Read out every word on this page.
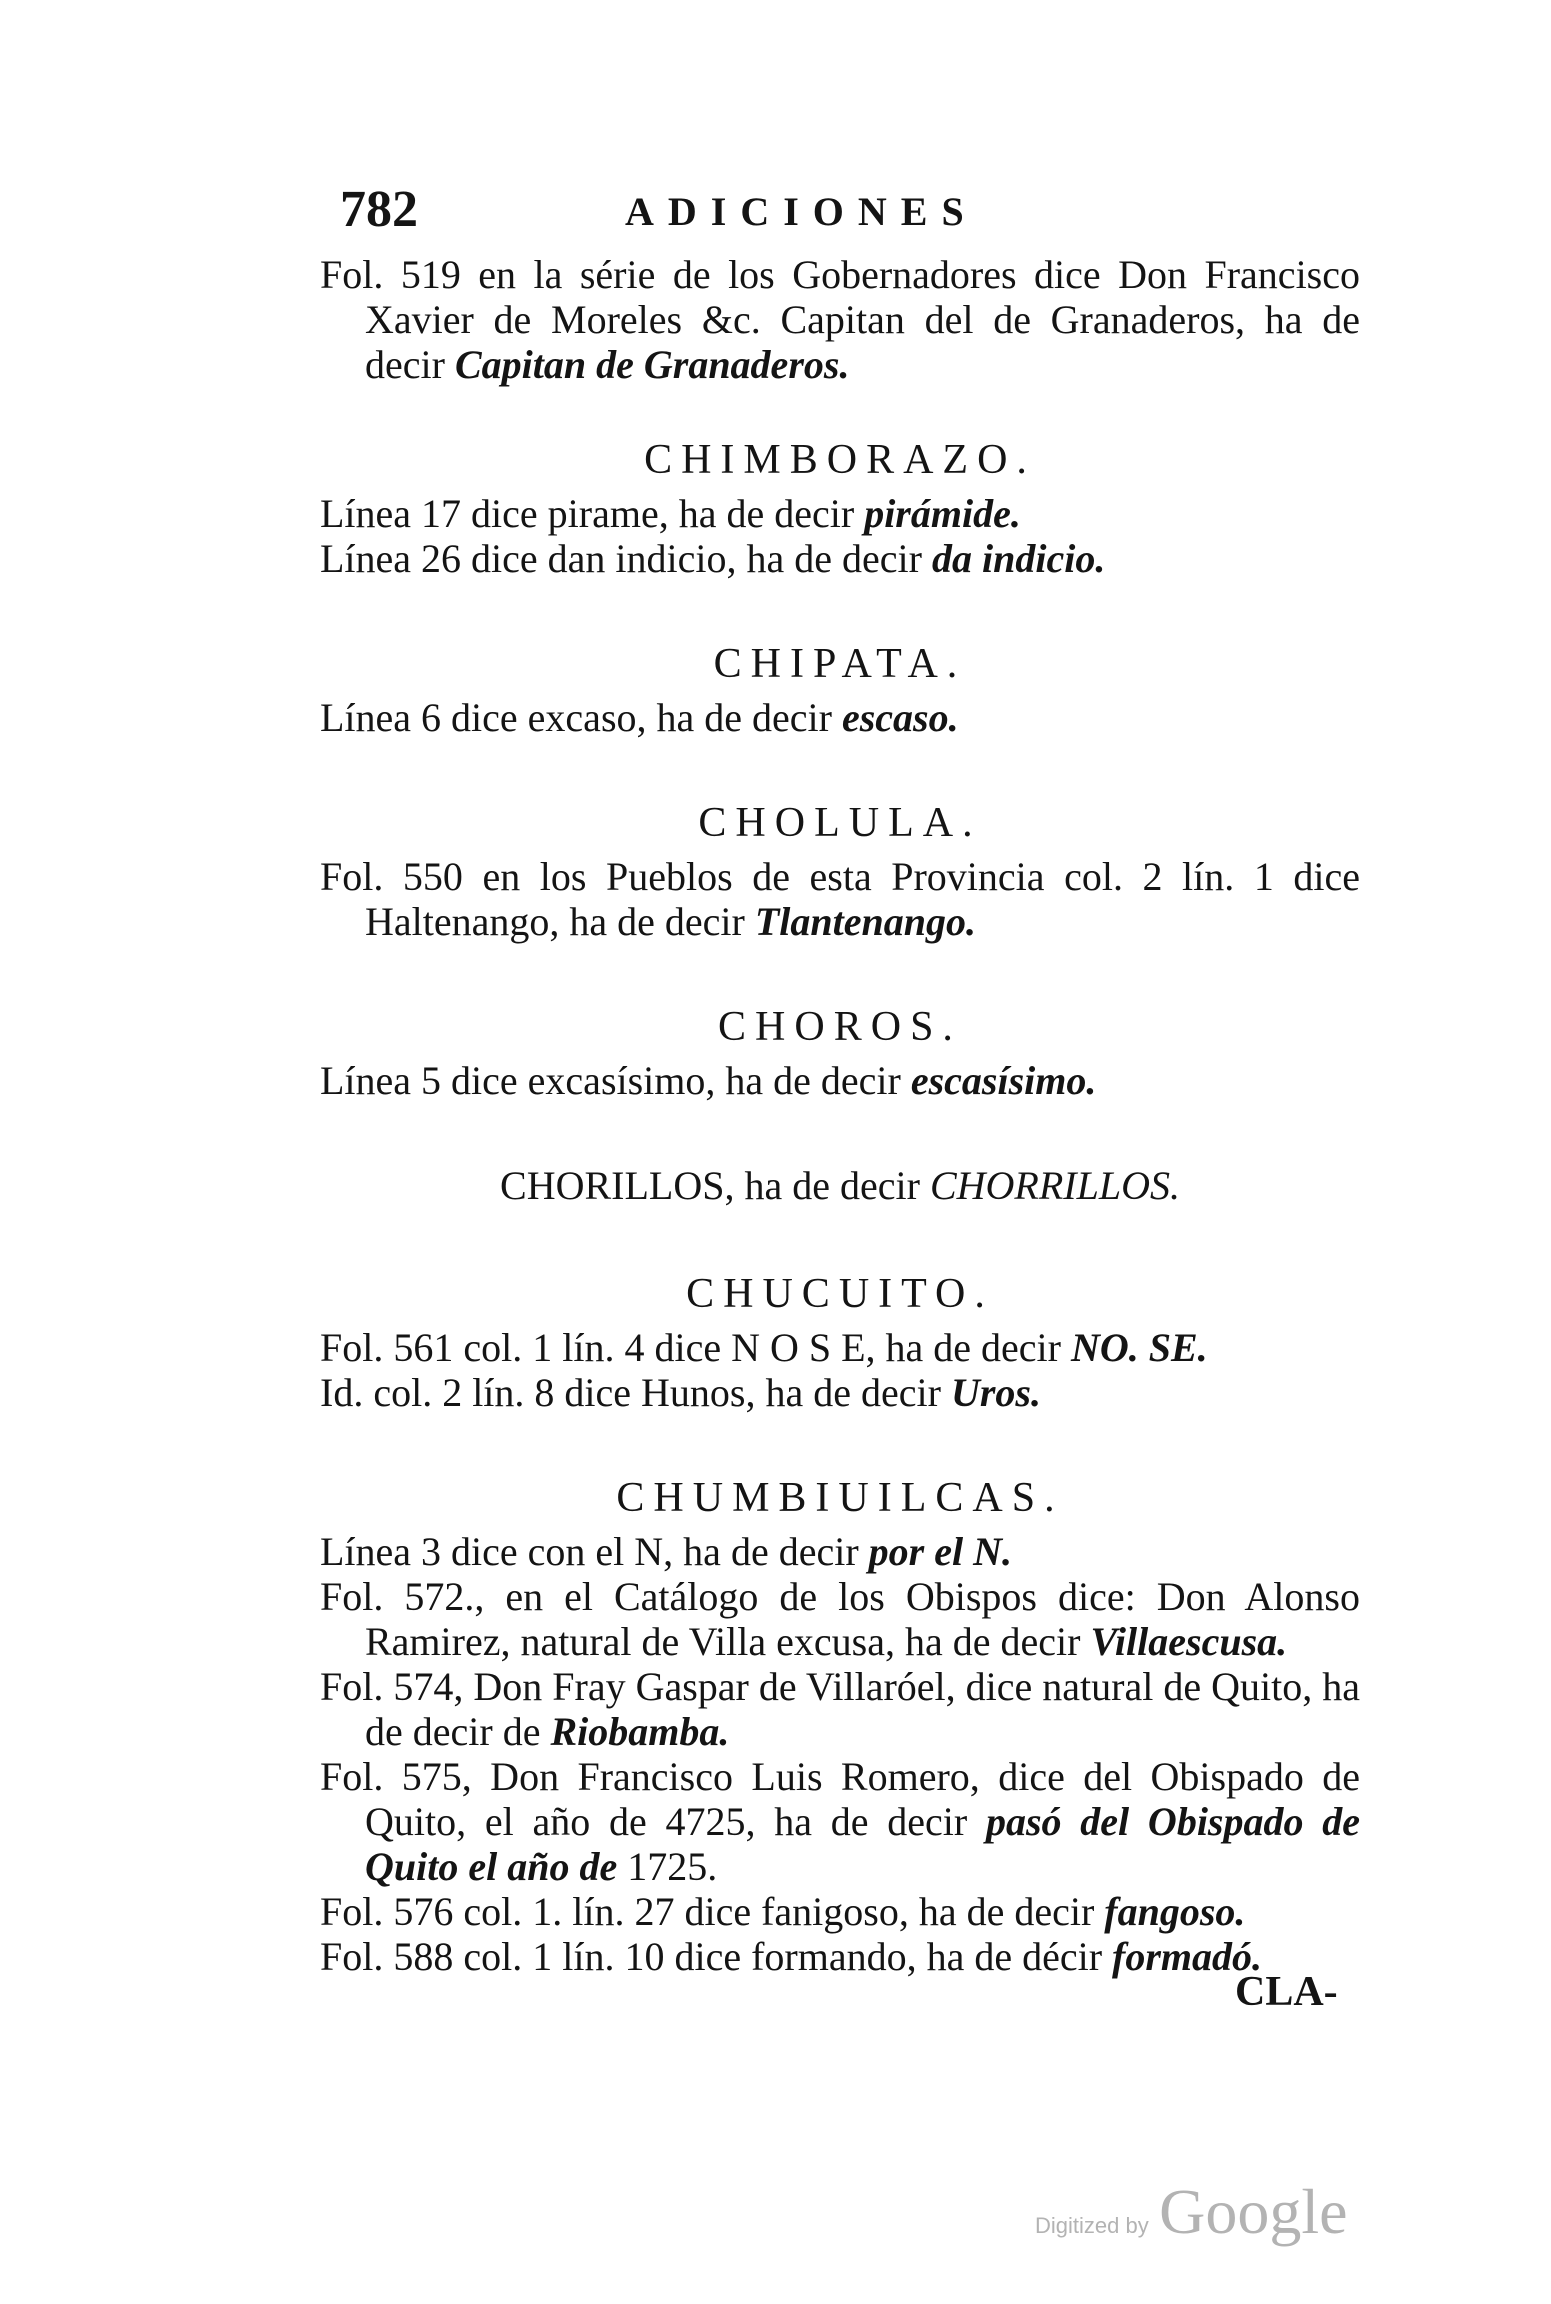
782	ADICIONES

Fol. 519 en la série de los Gobernadores dice Don Francisco Xavier de Moreles &c. Capitan del de Granaderos, ha de decir Capitan de Granaderos.

CHIMBORAZO.

Línea 17 dice pirame, ha de decir pirámide.

Línea 26 dice dan indicio, ha de decir da indicio.

CHIPATA.

Línea 6 dice excaso, ha de decir escaso.

CHOLULA.

Fol. 550 en los Pueblos de esta Provincia col. 2 lín. 1 dice Haltenango, ha de decir Tlantenango.

CHOROS.

Línea 5 dice excasísimo, ha de decir escasísimo.

CHORILLOS, ha de decir CHORRILLOS.
CHUCUITO.

Fol. 561 col. 1 lín. 4 dice N O S E, ha de decir NO. SE.

Id. col. 2 lín. 8 dice Hunos, ha de decir Uros.

CHUMBIUILCAS.

Línea 3 dice con el N, ha de decir por el N.

Fol. 572., en el Catálogo de los Obispos dice: Don Alonso Ramirez, natural de Villa excusa, ha de decir Villaescusa.

Fol. 574, Don Fray Gaspar de Villaróel, dice natural de Quito, ha de decir de Riobamba.

Fol. 575, Don Francisco Luis Romero, dice del Obispado de Quito, el año de 4725, ha de decir pasó del Obispado de Quito el año de 1725.

Fol. 576 col. 1. lín. 27 dice fanigoso, ha de decir fangoso.

Fol. 588 col. 1 lín. 10 dice formando, ha de décir formadó.

CLA-
Digitized by Google
